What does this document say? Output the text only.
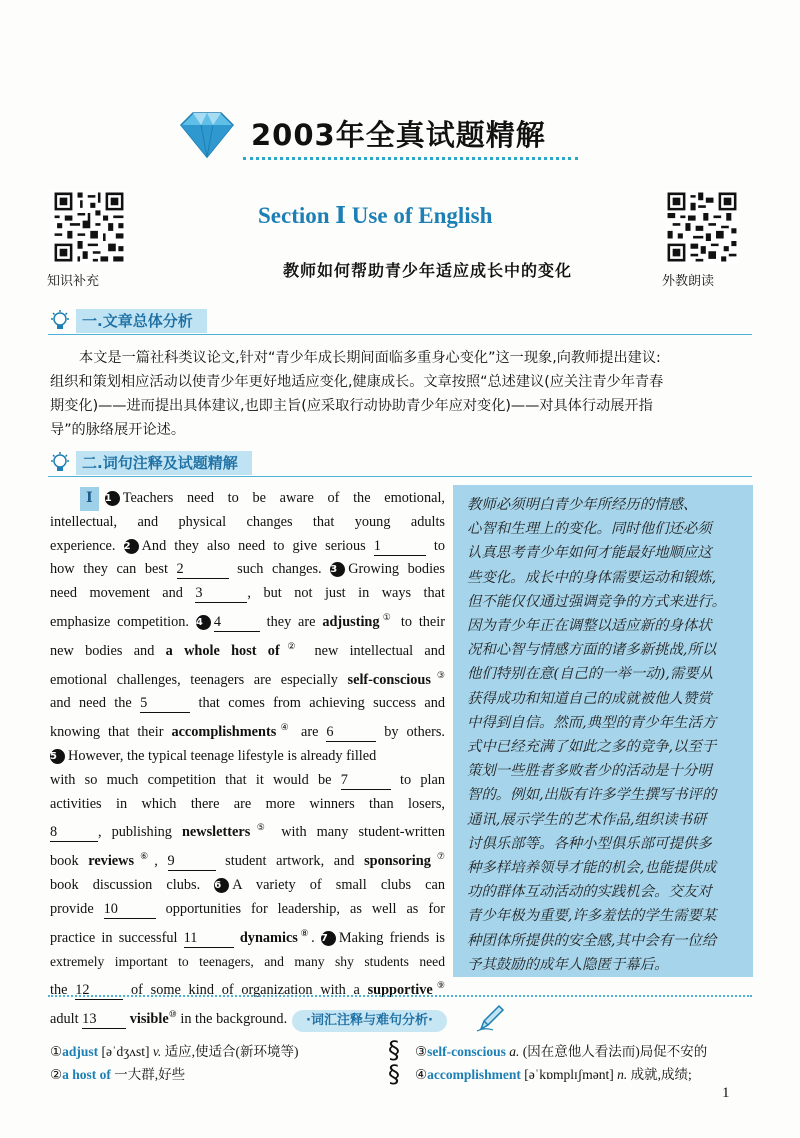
2003年全真试题精解
知识补充	外教朗读
Section Ⅰ Use of English
教师如何帮助青少年适应成长中的变化
一.文章总体分析
本文是一篇社科类议论文,针对“青少年成长期间面临多重身心变化”这一现象,向教师提出建议:
组织和策划相应活动以使青少年更好地适应变化,健康成长。文章按照“总述建议(应关注青少年青春
期变化)——进而提出具体建议,也即主旨(应采取行动协助青少年应对变化)——对具体行动展开指
导”的脉络展开论述。
二.词句注释及试题精解
Ⅰ 1 Teachers need to be aware of the emotional,
intellectual, and physical changes that young adults
experience. 2 And they also need to give serious 1	to
how they can best 2	such changes. 3 Growing bodies
need movement and 3	, but not just in ways that
emphasize competition. 4 4	they are adjusting① to their
new bodies and a whole host of② new intellectual and
emotional challenges, teenagers are especially self-conscious③
and need the 5	that comes from achieving success and
knowing that their accomplishments④ are 6	by others.
5 However, the typical teenage lifestyle is already filled
with so much competition that it would be 7	to plan
activities in which there are more winners than losers,
8	, publishing newsletters⑤ with many student-written
book reviews⑥, 9	student artwork, and sponsoring⑦
book discussion clubs. 6 A variety of small clubs can
provide 10	opportunities for leadership, as well as for
practice in successful 11	dynamics⑧. 7 Making friends is
extremely important to teenagers, and many shy students need
the 12	of some kind of organization with a supportive⑨
adult 13 visible⑩ in the background.
教师必须明白青少年所经历的情感、
心智和生理上的变化。同时他们还必须
认真思考青少年如何才能最好地顺应这
些变化。成长中的身体需要运动和锻炼,
但不能仅仅通过强调竞争的方式来进行。
因为青少年正在调整以适应新的身体状
况和心智与情感方面的诸多新挑战,所以
他们特别在意(自己的一举一动),需要从
获得成功和知道自己的成就被他人赞赏
中得到自信。然而,典型的青少年生活方
式中已经充满了如此之多的竞争,以至于
策划一些胜者多败者少的活动是十分明
智的。例如,出版有许多学生撰写书评的
通讯,展示学生的艺术作品,组织读书研
讨俱乐部等。各种小型俱乐部可提供多
种多样培养领导才能的机会,也能提供成
功的群体互动活动的实践机会。交友对
青少年极为重要,许多羞怯的学生需要某
种团体所提供的安全感,其中会有一位给
予其鼓励的成年人隐匿于幕后。
·词汇注释与难句分析·
①adjust [əˈdʒʌst] v. 适应,使适合(新环境等)
②a host of 一大群,好些
§
§
③self-conscious a. (因在意他人看法而)局促不安的
④accomplishment [əˈkɒmplɪʃmənt] n. 成就,成绩;
1
